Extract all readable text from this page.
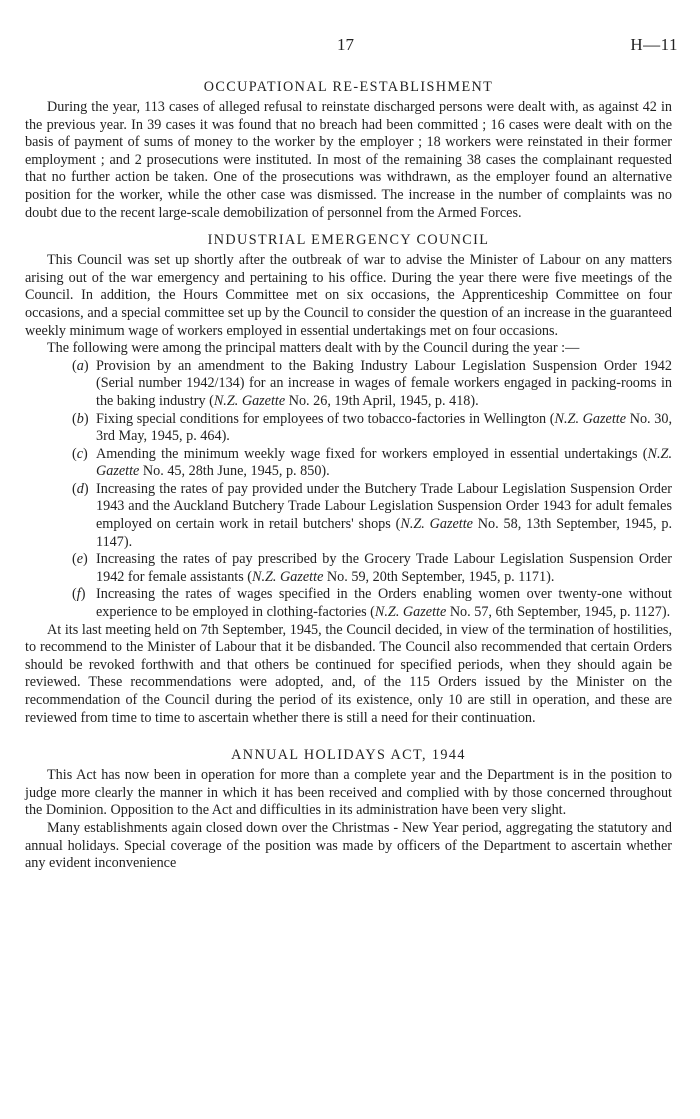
17	H—11
OCCUPATIONAL RE-ESTABLISHMENT

During the year, 113 cases of alleged refusal to reinstate discharged persons were dealt with, as against 42 in the previous year. In 39 cases it was found that no breach had been committed ; 16 cases were dealt with on the basis of payment of sums of money to the worker by the employer ; 18 workers were reinstated in their former employment ; and 2 prosecutions were instituted. In most of the remaining 38 cases the complainant requested that no further action be taken. One of the prosecutions was withdrawn, as the employer found an alternative position for the worker, while the other case was dismissed. The increase in the number of complaints was no doubt due to the recent large-scale demobilization of personnel from the Armed Forces.

INDUSTRIAL EMERGENCY COUNCIL

This Council was set up shortly after the outbreak of war to advise the Minister of Labour on any matters arising out of the war emergency and pertaining to his office. During the year there were five meetings of the Council. In addition, the Hours Committee met on six occasions, the Apprenticeship Committee on four occasions, and a special committee set up by the Council to consider the question of an increase in the guaranteed weekly minimum wage of workers employed in essential undertakings met on four occasions.

The following were among the principal matters dealt with by the Council during the year :—

(a) Provision by an amendment to the Baking Industry Labour Legislation Suspension Order 1942 (Serial number 1942/134) for an increase in wages of female workers engaged in packing-rooms in the baking industry (N.Z. Gazette No. 26, 19th April, 1945, p. 418).
(b) Fixing special conditions for employees of two tobacco-factories in Wellington (N.Z. Gazette No. 30, 3rd May, 1945, p. 464).
(c) Amending the minimum weekly wage fixed for workers employed in essential undertakings (N.Z. Gazette No. 45, 28th June, 1945, p. 850).
(d) Increasing the rates of pay provided under the Butchery Trade Labour Legislation Suspension Order 1943 and the Auckland Butchery Trade Labour Legislation Suspension Order 1943 for adult females employed on certain work in retail butchers' shops (N.Z. Gazette No. 58, 13th September, 1945, p. 1147).
(e) Increasing the rates of pay prescribed by the Grocery Trade Labour Legislation Suspension Order 1942 for female assistants (N.Z. Gazette No. 59, 20th September, 1945, p. 1171).
(f) Increasing the rates of wages specified in the Orders enabling women over twenty-one without experience to be employed in clothing-factories (N.Z. Gazette No. 57, 6th September, 1945, p. 1127).

At its last meeting held on 7th September, 1945, the Council decided, in view of the termination of hostilities, to recommend to the Minister of Labour that it be disbanded. The Council also recommended that certain Orders should be revoked forthwith and that others be continued for specified periods, when they should again be reviewed. These recommendations were adopted, and, of the 115 Orders issued by the Minister on the recommendation of the Council during the period of its existence, only 10 are still in operation, and these are reviewed from time to time to ascertain whether there is still a need for their continuation.

ANNUAL HOLIDAYS ACT, 1944

This Act has now been in operation for more than a complete year and the Department is in the position to judge more clearly the manner in which it has been received and complied with by those concerned throughout the Dominion. Opposition to the Act and difficulties in its administration have been very slight.

Many establishments again closed down over the Christmas - New Year period, aggregating the statutory and annual holidays. Special coverage of the position was made by officers of the Department to ascertain whether any evident inconvenience
